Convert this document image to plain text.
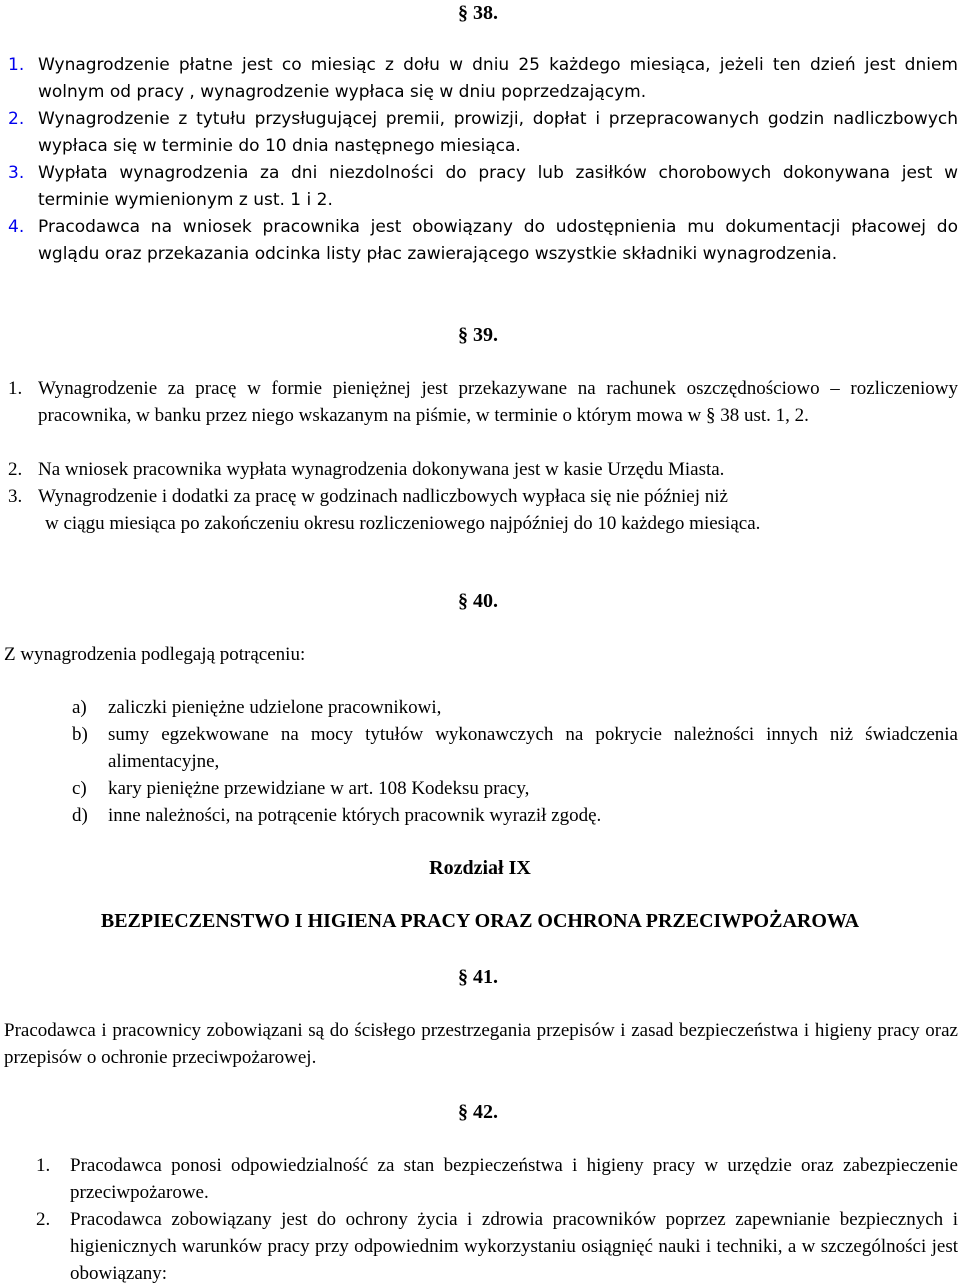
§ 38.
1. Wynagrodzenie płatne jest co miesiąc z dołu w dniu 25 każdego miesiąca, jeżeli ten dzień jest dniem wolnym od pracy , wynagrodzenie wypłaca się w dniu poprzedzającym.
2. Wynagrodzenie z tytułu przysługującej premii, prowizji, dopłat i przepracowanych godzin nadliczbowych wypłaca się w terminie do 10 dnia następnego miesiąca.
3. Wypłata wynagrodzenia za dni niezdolności do pracy lub zasiłków chorobowych dokonywana jest w terminie wymienionym z ust. 1 i 2.
4. Pracodawca na wniosek pracownika jest obowiązany do udostępnienia mu dokumentacji płacowej do wglądu oraz przekazania odcinka listy płac zawierającego wszystkie składniki wynagrodzenia.
§ 39.
1. Wynagrodzenie za pracę w formie pieniężnej jest przekazywane na rachunek oszczędnościowo – rozliczeniowy pracownika, w banku przez niego wskazanym na piśmie, w terminie o którym mowa w § 38 ust. 1, 2.
2. Na wniosek pracownika wypłata wynagrodzenia dokonywana jest w kasie Urzędu Miasta.
3. Wynagrodzenie i dodatki za pracę w godzinach nadliczbowych wypłaca się nie później niż
w ciągu miesiąca po zakończeniu okresu rozliczeniowego najpóźniej do 10 każdego miesiąca.
§ 40.
Z wynagrodzenia podlegają potrąceniu:
a)	zaliczki pieniężne udzielone pracownikowi,
b)	sumy egzekwowane na mocy tytułów wykonawczych na pokrycie należności innych niż świadczenia alimentacyjne,
c)	kary pieniężne przewidziane w art. 108 Kodeksu pracy,
d)	inne należności, na potrącenie których pracownik wyraził zgodę.
Rozdział IX
BEZPIECZENSTWO I HIGIENA PRACY ORAZ OCHRONA PRZECIWPOŻAROWA
§ 41.
Pracodawca i pracownicy zobowiązani są do ścisłego przestrzegania przepisów i zasad bezpieczeństwa i higieny pracy oraz przepisów o ochronie przeciwpożarowej.
§ 42.
1.	Pracodawca ponosi odpowiedzialność za stan bezpieczeństwa i higieny pracy w urzędzie oraz zabezpieczenie przeciwpożarowe.
2.	Pracodawca zobowiązany jest do ochrony życia i zdrowia pracowników poprzez zapewnianie bezpiecznych i higienicznych warunków pracy przy odpowiednim wykorzystaniu osiągnięć nauki i techniki, a w szczególności jest obowiązany:
